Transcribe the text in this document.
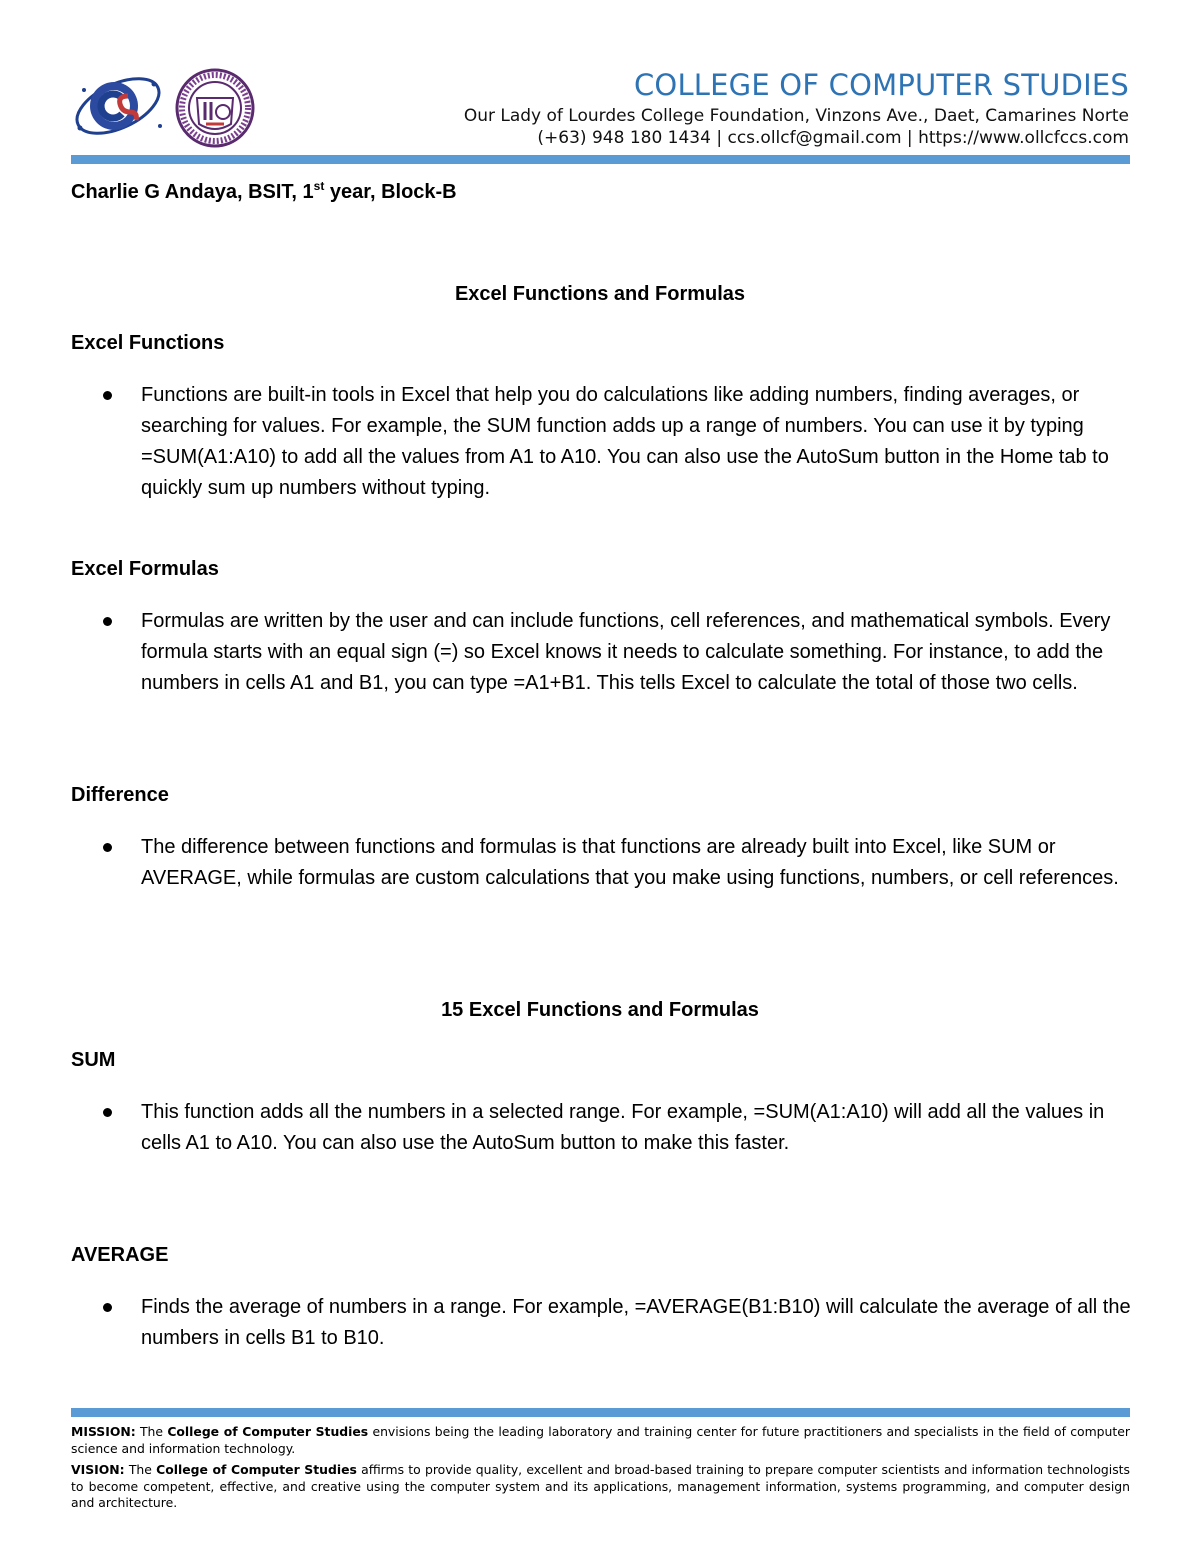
COLLEGE OF COMPUTER STUDIES
Our Lady of Lourdes College Foundation, Vinzons Ave., Daet, Camarines Norte
(+63) 948 180 1434 | ccs.ollcf@gmail.com | https://www.ollcfccs.com
Charlie G Andaya, BSIT, 1st year, Block-B
Excel Functions and Formulas
Excel Functions

Functions are built-in tools in Excel that help you do calculations like adding numbers, finding averages, or searching for values. For example, the SUM function adds up a range of numbers. You can use it by typing =SUM(A1:A10) to add all the values from A1 to A10. You can also use the AutoSum button in the Home tab to quickly sum up numbers without typing.

Excel Formulas

Formulas are written by the user and can include functions, cell references, and mathematical symbols. Every formula starts with an equal sign (=) so Excel knows it needs to calculate something. For instance, to add the numbers in cells A1 and B1, you can type =A1+B1. This tells Excel to calculate the total of those two cells.

Difference

The difference between functions and formulas is that functions are already built into Excel, like SUM or AVERAGE, while formulas are custom calculations that you make using functions, numbers, or cell references.

15 Excel Functions and Formulas
SUM

This function adds all the numbers in a selected range. For example, =SUM(A1:A10) will add all the values in cells A1 to A10. You can also use the AutoSum button to make this faster.

AVERAGE

Finds the average of numbers in a range. For example, =AVERAGE(B1:B10) will calculate the average of all the numbers in cells B1 to B10.

MISSION: The College of Computer Studies envisions being the leading laboratory and training center for future practitioners and specialists in the field of computer science and information technology.

VISION: The College of Computer Studies affirms to provide quality, excellent and broad-based training to prepare computer scientists and information technologists to become competent, effective, and creative using the computer system and its applications, management information, systems programming, and computer design and architecture.
